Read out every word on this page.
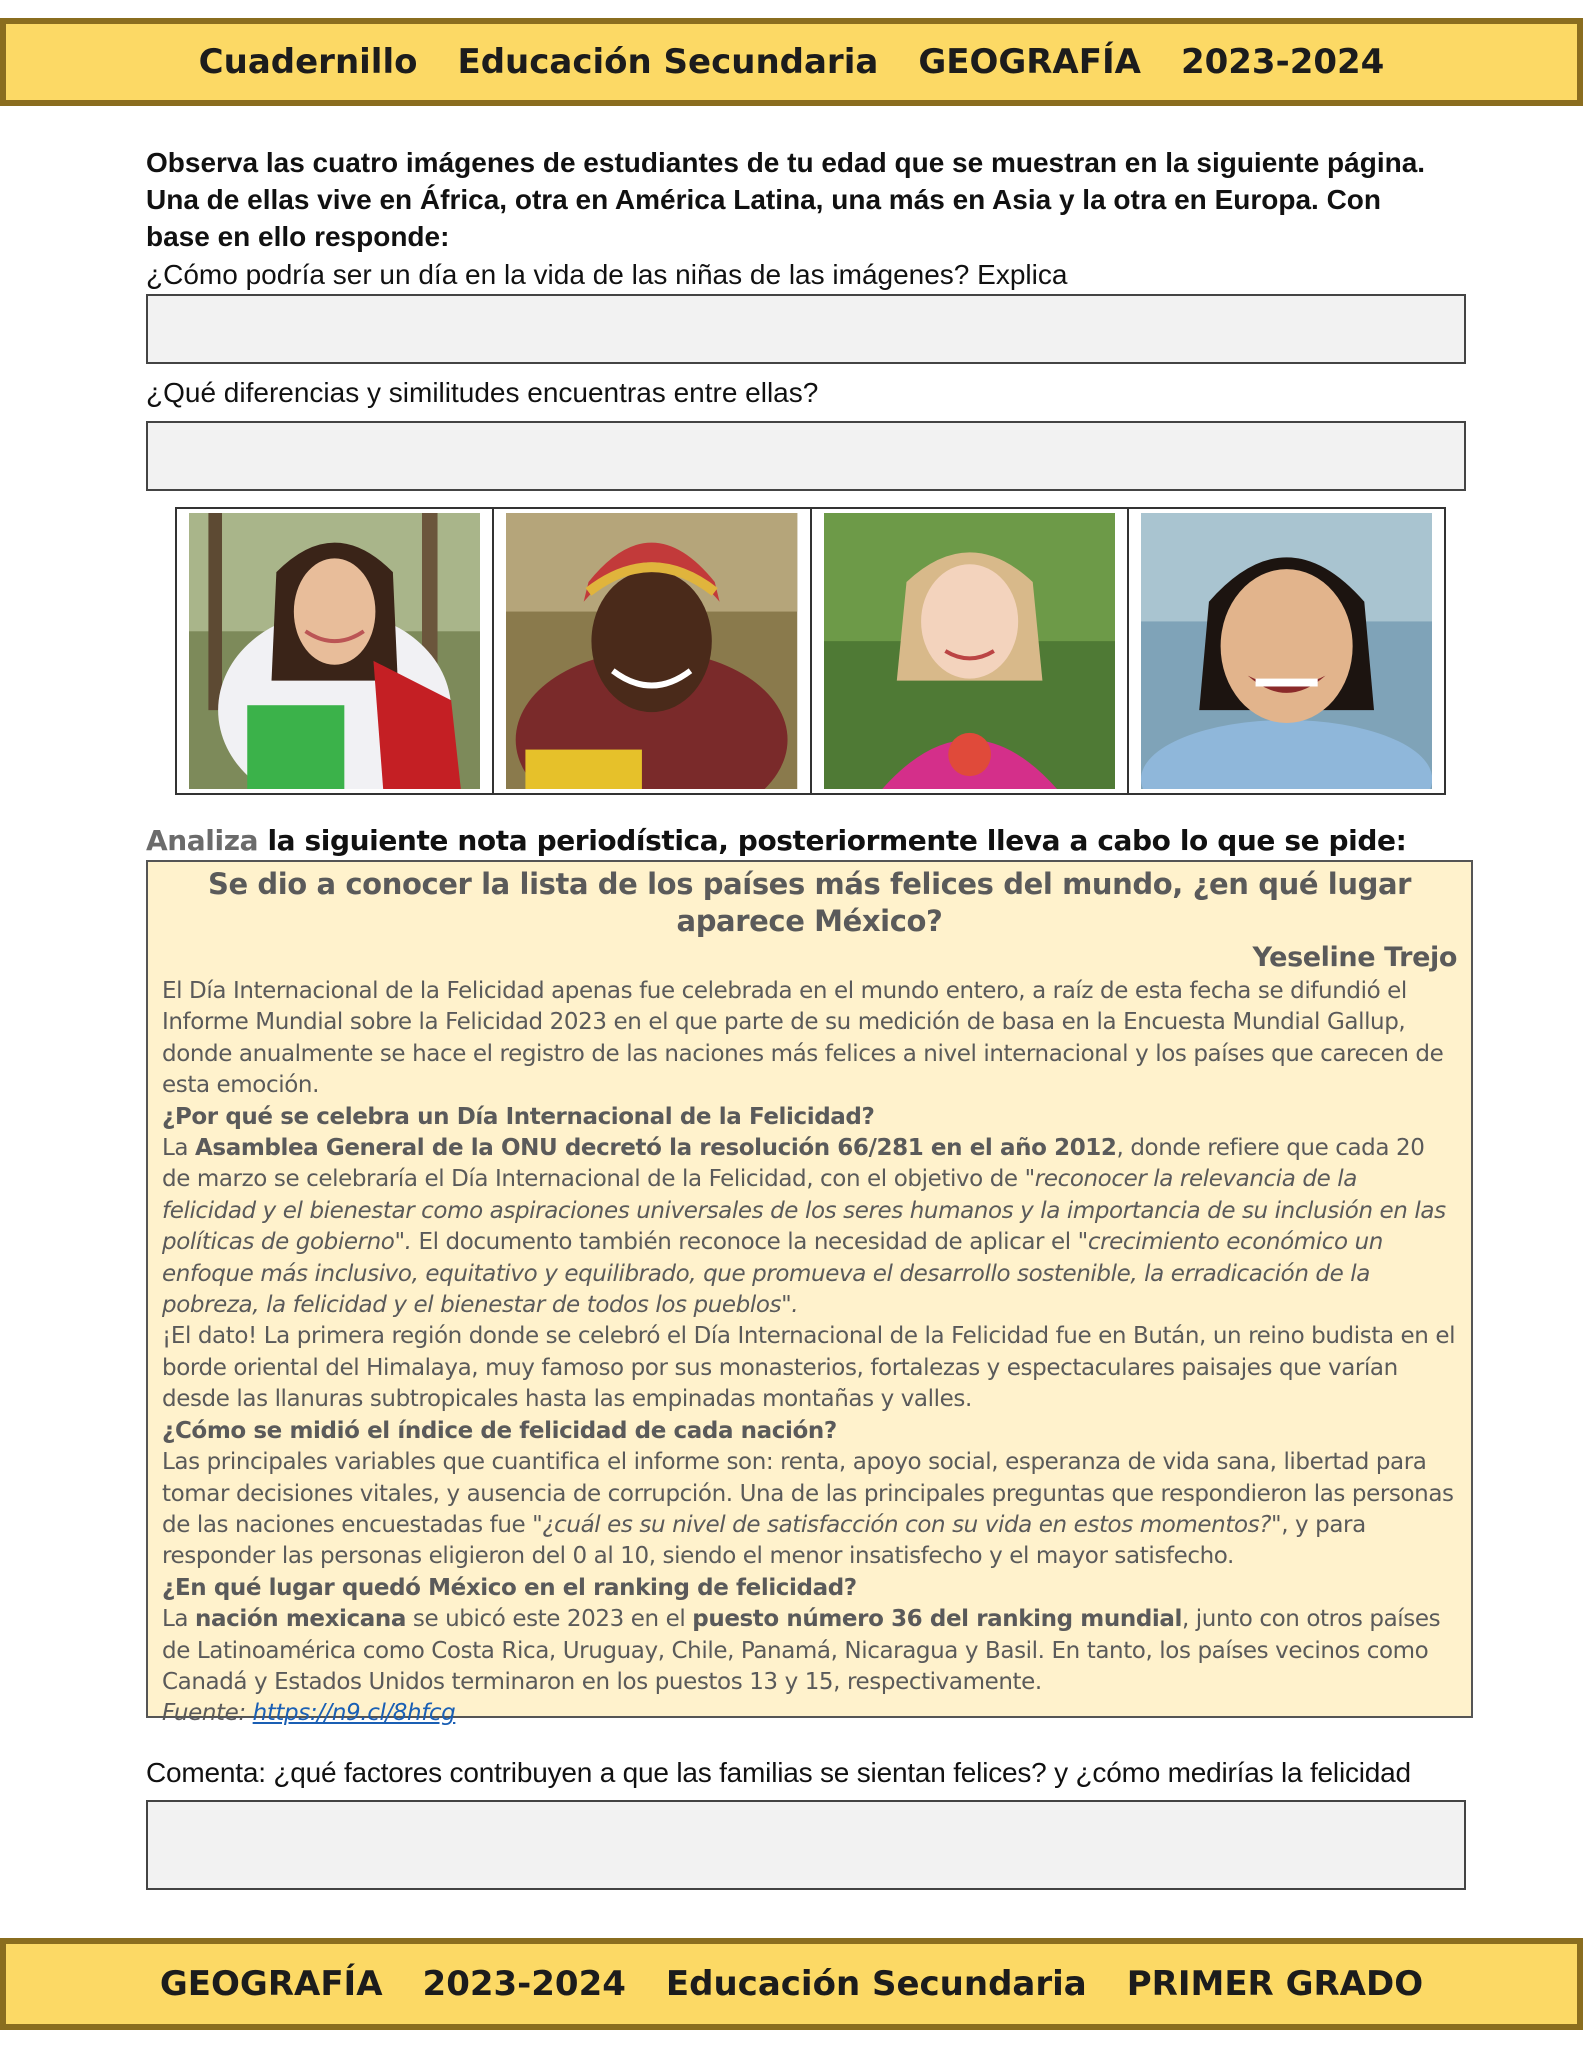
Cuadernillo Educación Secundaria GEOGRAFÍA 2023-2024

Observa las cuatro imágenes de estudiantes de tu edad que se muestran en la siguiente página. Una de ellas vive en África, otra en América Latina, una más en Asia y la otra en Europa. Con base en ello responde:

¿Cómo podría ser un día en la vida de las niñas de las imágenes? Explica

¿Qué diferencias y similitudes encuentras entre ellas?

Analiza la siguiente nota periodística, posteriormente lleva a cabo lo que se pide:

Se dio a conocer la lista de los países más felices del mundo, ¿en qué lugar aparece México?

Yeseline Trejo

El Día Internacional de la Felicidad apenas fue celebrada en el mundo entero, a raíz de esta fecha se difundió el Informe Mundial sobre la Felicidad 2023 en el que parte de su medición de basa en la Encuesta Mundial Gallup, donde anualmente se hace el registro de las naciones más felices a nivel internacional y los países que carecen de esta emoción.

¿Por qué se celebra un Día Internacional de la Felicidad?

La Asamblea General de la ONU decretó la resolución 66/281 en el año 2012, donde refiere que cada 20 de marzo se celebraría el Día Internacional de la Felicidad, con el objetivo de "reconocer la relevancia de la felicidad y el bienestar como aspiraciones universales de los seres humanos y la importancia de su inclusión en las políticas de gobierno". El documento también reconoce la necesidad de aplicar el "crecimiento económico un enfoque más inclusivo, equitativo y equilibrado, que promueva el desarrollo sostenible, la erradicación de la pobreza, la felicidad y el bienestar de todos los pueblos".

¡El dato! La primera región donde se celebró el Día Internacional de la Felicidad fue en Bután, un reino budista en el borde oriental del Himalaya, muy famoso por sus monasterios, fortalezas y espectaculares paisajes que varían desde las llanuras subtropicales hasta las empinadas montañas y valles.

¿Cómo se midió el índice de felicidad de cada nación?

Las principales variables que cuantifica el informe son: renta, apoyo social, esperanza de vida sana, libertad para tomar decisiones vitales, y ausencia de corrupción. Una de las principales preguntas que respondieron las personas de las naciones encuestadas fue "¿cuál es su nivel de satisfacción con su vida en estos momentos?", y para responder las personas eligieron del 0 al 10, siendo el menor insatisfecho y el mayor satisfecho.

¿En qué lugar quedó México en el ranking de felicidad?

La nación mexicana se ubicó este 2023 en el puesto número 36 del ranking mundial, junto con otros países de Latinoamérica como Costa Rica, Uruguay, Chile, Panamá, Nicaragua y Basil. En tanto, los países vecinos como Canadá y Estados Unidos terminaron en los puestos 13 y 15, respectivamente.

Fuente: https://n9.cl/8hfcg

Comenta: ¿qué factores contribuyen a que las familias se sientan felices? y ¿cómo medirías la felicidad

GEOGRAFÍA 2023-2024 Educación Secundaria PRIMER GRADO
